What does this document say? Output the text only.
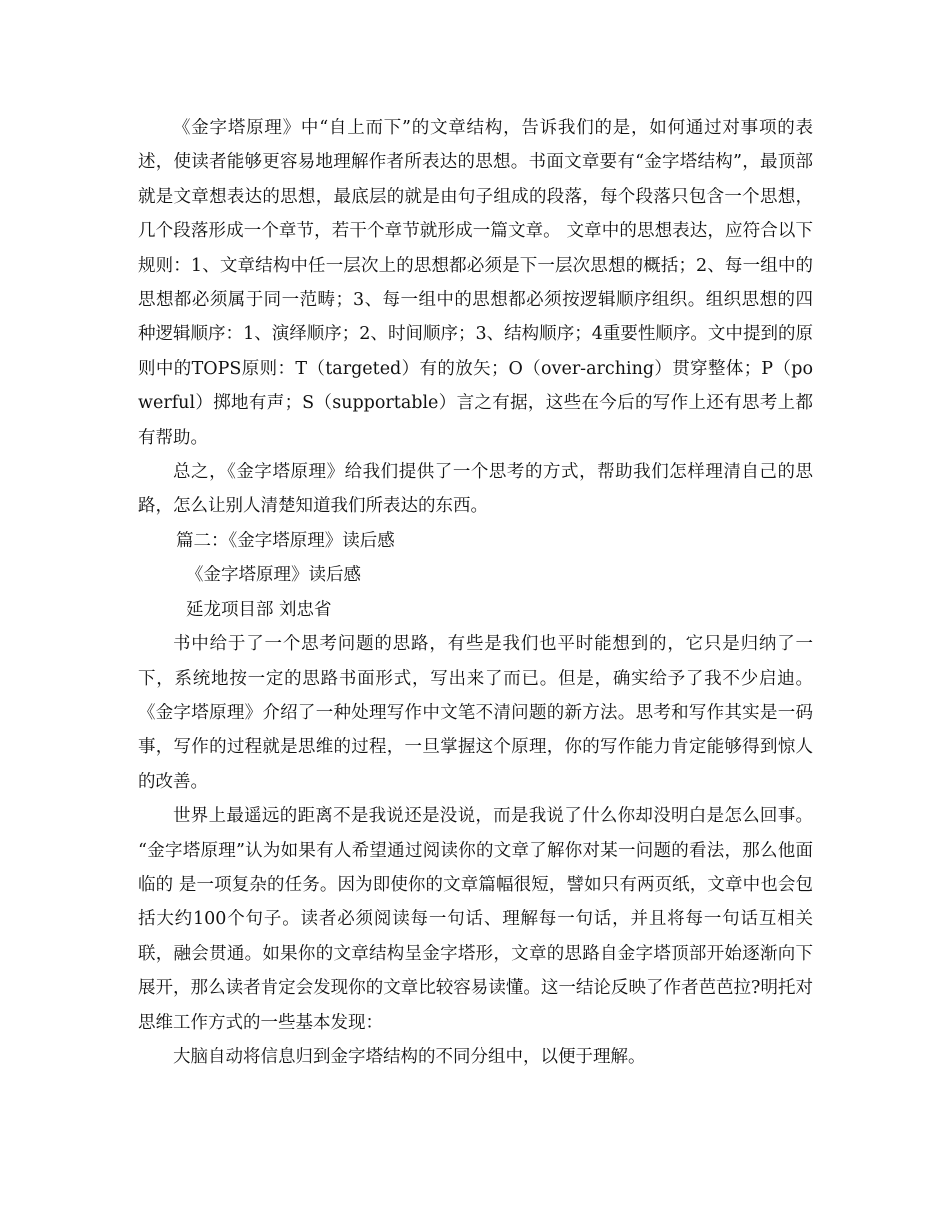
《金字塔原理》中“自上而下”的文章结构，告诉我们的是，如何通过对事项的表述，使读者能够更容易地理解作者所表达的思想。书面文章要有“金字塔结构”，最顶部就是文章想表达的思想，最底层的就是由句子组成的段落，每个段落只包含一个思想，几个段落形成一个章节，若干个章节就形成一篇文章。 文章中的思想表达，应符合以下规则：1、文章结构中任一层次上的思想都必须是下一层次思想的概括；2、每一组中的思想都必须属于同一范畴；3、每一组中的思想都必须按逻辑顺序组织。组织思想的四种逻辑顺序：1、演绎顺序；2、时间顺序；3、结构顺序；4重要性顺序。文中提到的原则中的TOPS原则：T（targeted）有的放矢；O（over-arching）贯穿整体；P（powerful）掷地有声；S（supportable）言之有据，这些在今后的写作上还有思考上都有帮助。

总之，《金字塔原理》给我们提供了一个思考的方式，帮助我们怎样理清自己的思路，怎么让别人清楚知道我们所表达的东西。

篇二：《金字塔原理》读后感

《金字塔原理》读后感

延龙项目部 刘忠省

书中给于了一个思考问题的思路，有些是我们也平时能想到的，它只是归纳了一下，系统地按一定的思路书面形式，写出来了而已。但是，确实给予了我不少启迪。 《金字塔原理》介绍了一种处理写作中文笔不清问题的新方法。思考和写作其实是一码事，写作的过程就是思维的过程，一旦掌握这个原理，你的写作能力肯定能够得到惊人的改善。

世界上最遥远的距离不是我说还是没说，而是我说了什么你却没明白是怎么回事。 “金字塔原理”认为如果有人希望通过阅读你的文章了解你对某一问题的看法，那么他面临的 是一项复杂的任务。因为即使你的文章篇幅很短，譬如只有两页纸，文章中也会包括大约100个句子。读者必须阅读每一句话、理解每一句话，并且将每一句话互相关联，融会贯通。如果你的文章结构呈金字塔形，文章的思路自金字塔顶部开始逐渐向下展开，那么读者肯定会发现你的文章比较容易读懂。这一结论反映了作者芭芭拉?明托对思维工作方式的一些基本发现：

大脑自动将信息归到金字塔结构的不同分组中，以便于理解。
